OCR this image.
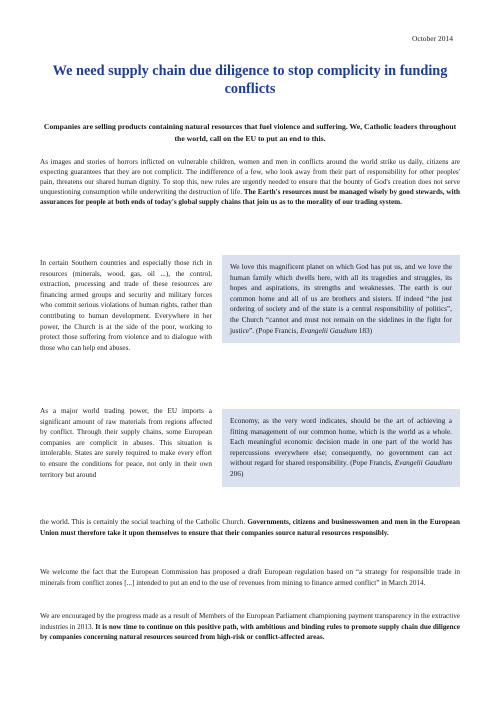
October 2014
We need supply chain due diligence to stop complicity in funding conflicts
Companies are selling products containing natural resources that fuel violence and suffering. We, Catholic leaders throughout the world, call on the EU to put an end to this.
As images and stories of horrors inflicted on vulnerable children, women and men in conflicts around the world strike us daily, citizens are expecting guarantees that they are not complicit. The indifference of a few, who look away from their part of responsibility for other peoples' pain, threatens our shared human dignity. To stop this, new rules are urgently needed to ensure that the bounty of God's creation does not serve unquestioning consumption while underwriting the destruction of life. The Earth's resources must be managed wisely by good stewards, with assurances for people at both ends of today's global supply chains that join us as to the morality of our trading system.
In certain Southern countries and especially those rich in resources (minerals, wood, gas, oil ...), the control, extraction, processing and trade of these resources are financing armed groups and security and military forces who commit serious violations of human rights, rather than contributing to human development. Everywhere in her power, the Church is at the side of the poor, working to protect those suffering from violence and to dialogue with those who can help end abuses.
We love this magnificent planet on which God has put us, and we love the human family which dwells here, with all its tragedies and struggles, its hopes and aspirations, its strengths and weaknesses. The earth is our common home and all of us are brothers and sisters. If indeed “the just ordering of society and of the state is a central responsibility of politics”, the Church “cannot and must not remain on the sidelines in the fight for justice”. (Pope Francis, Evangelii Gaudium 183)
As a major world trading power, the EU imports a significant amount of raw materials from regions affected by conflict. Through their supply chains, some European companies are complicit in abuses. This situation is intolerable. States are surely required to make every effort to ensure the conditions for peace, not only in their own territory but around
Economy, as the very word indicates, should be the art of achieving a fitting management of our common home, which is the world as a whole. Each meaningful economic decision made in one part of the world has repercussions everywhere else; consequently, no government can act without regard for shared responsibility. (Pope Francis, Evangelii Gaudium 206)
the world. This is certainly the social teaching of the Catholic Church. Governments, citizens and businesswomen and men in the European Union must therefore take it upon themselves to ensure that their companies source natural resources responsibly.
We welcome the fact that the European Commission has proposed a draft European regulation based on “a strategy for responsible trade in minerals from conflict zones [...] intended to put an end to the use of revenues from mining to finance armed conflict” in March 2014.
We are encouraged by the progress made as a result of Members of the European Parliament championing payment transparency in the extractive industries in 2013. It is now time to continue on this positive path, with ambitious and binding rules to promote supply chain due diligence by companies concerning natural resources sourced from high-risk or conflict-affected areas.
